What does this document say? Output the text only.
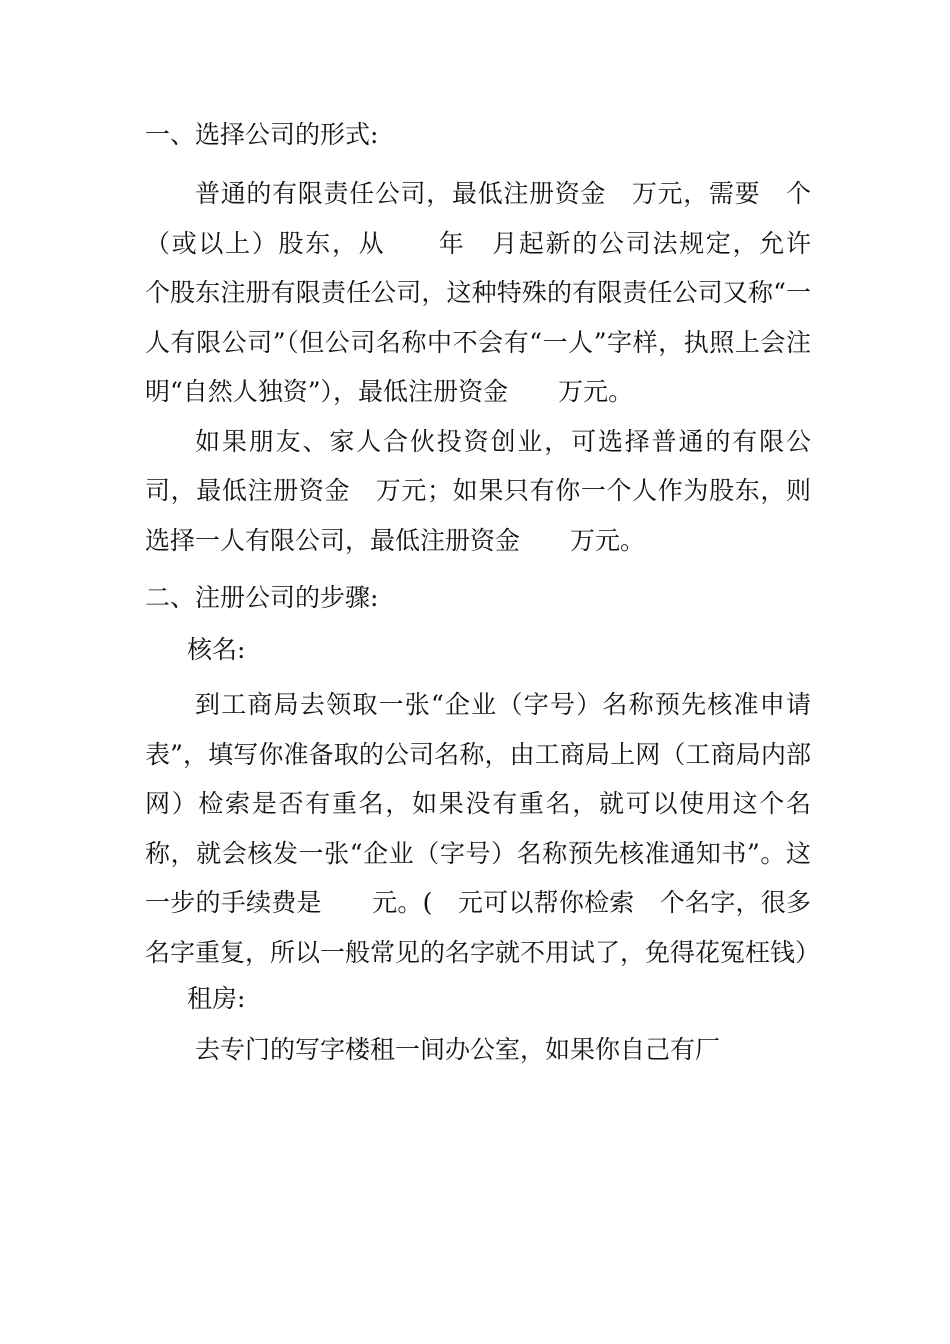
一、选择公司的形式:

普通的有限责任公司，最低注册资金　万元，需要　个（或以上）股东，从　　年　月起新的公司法规定，允许　个股东注册有限责任公司，这种特殊的有限责任公司又称“一人有限公司”（但公司名称中不会有“一人”字样，执照上会注明“自然人独资”），最低注册资金　　万元。

如果朋友、家人合伙投资创业，可选择普通的有限公司，最低注册资金　万元；如果只有你一个人作为股东，则选择一人有限公司，最低注册资金　　万元。

二、注册公司的步骤:

核名:

到工商局去领取一张“企业（字号）名称预先核准申请表”，填写你准备取的公司名称，由工商局上网（工商局内部网）检索是否有重名，如果没有重名，就可以使用这个名称，就会核发一张“企业（字号）名称预先核准通知书”。这一步的手续费是　　元。(　元可以帮你检索　个名字，很多名字重复，所以一般常见的名字就不用试了，免得花冤枉钱）

租房:

去专门的写字楼租一间办公室，如果你自己有厂
